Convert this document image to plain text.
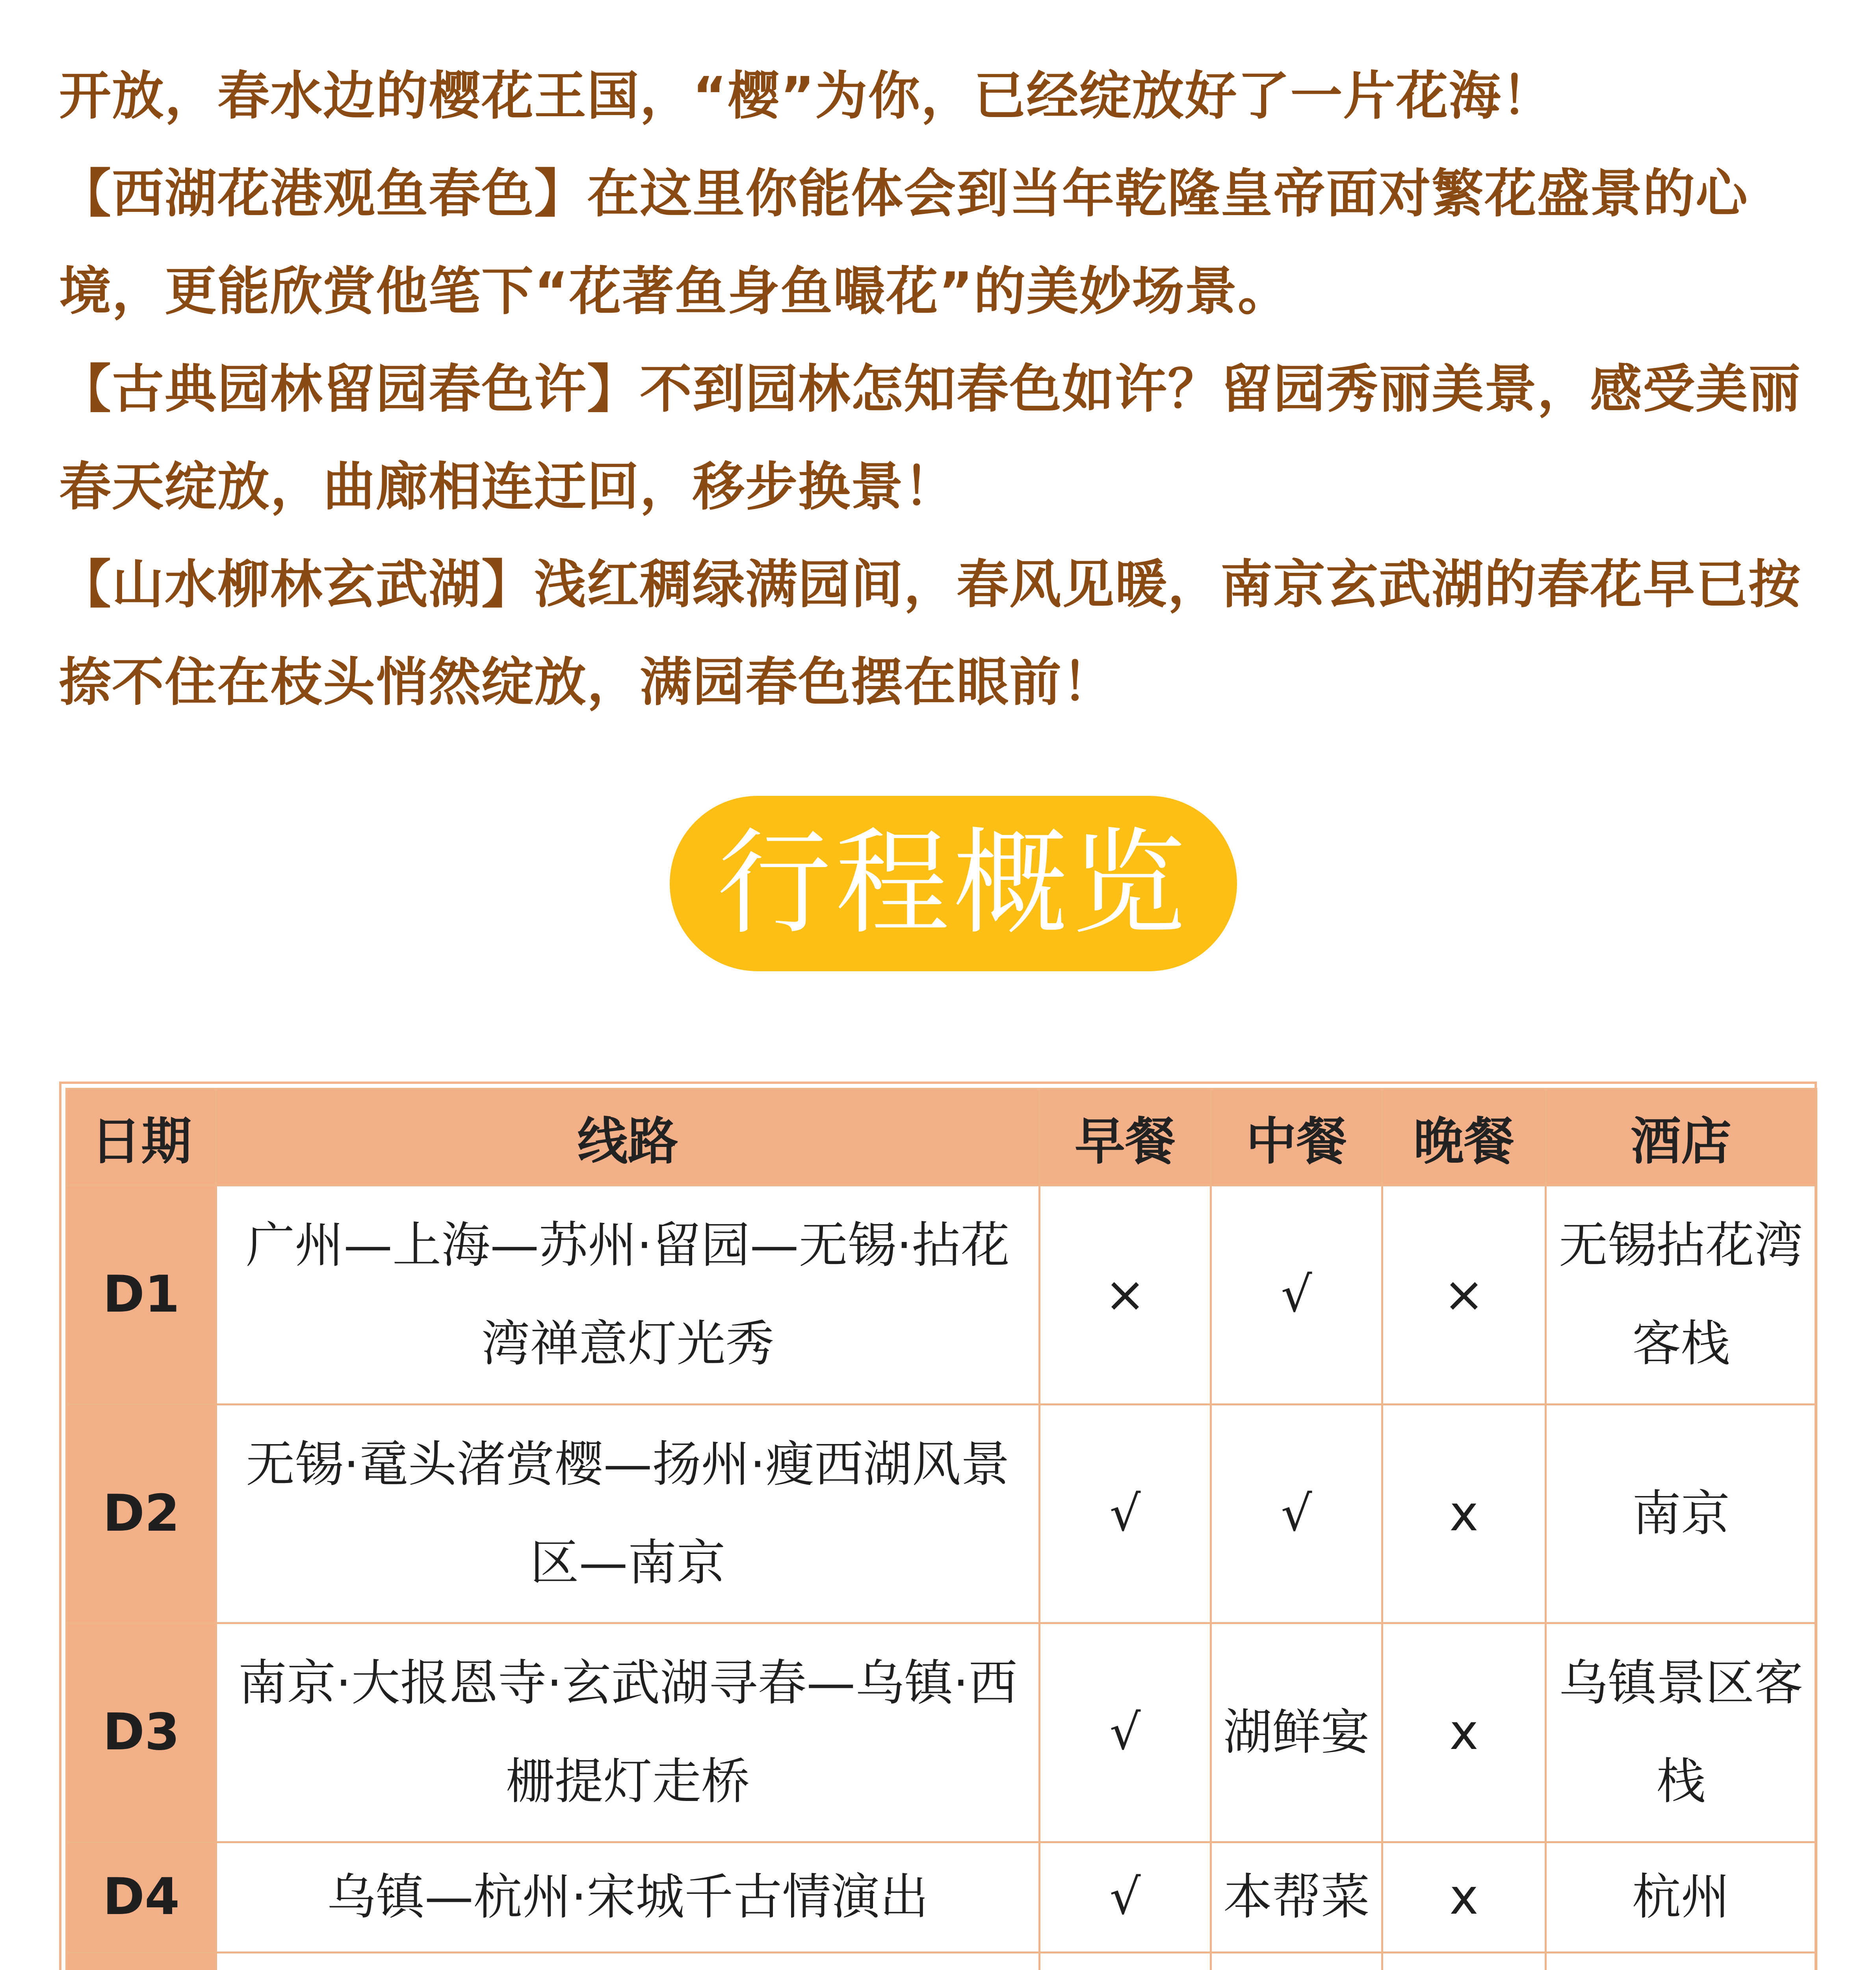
开放，春水边的樱花王国，“樱”为你，已经绽放好了一片花海！

【西湖花港观鱼春色】在这里你能体会到当年乾隆皇帝面对繁花盛景的心境，更能欣赏他笔下“花著鱼身鱼嘬花”的美妙场景。

【古典园林留园春色许】不到园林怎知春色如许？留园秀丽美景，感受美丽春天绽放，曲廊相连迂回，移步换景！

【山水柳林玄武湖】浅红稠绿满园间，春风见暖，南京玄武湖的春花早已按捺不住在枝头悄然绽放，满园春色摆在眼前！

行程概览
日期	线路	早餐	中餐	晚餐	酒店
D1	广州—上海—苏州·留园—无锡·拈花湾禅意灯光秀	×	√	×	无锡拈花湾客栈
D2	无锡·鼋头渚赏樱—扬州·瘦西湖风景区—南京	√	√	x	南京
D3	南京·大报恩寺·玄武湖寻春—乌镇·西栅提灯走桥	√	湖鲜宴	x	乌镇景区客栈
D4	乌镇—杭州·宋城千古情演出	√	本帮菜	x	杭州
